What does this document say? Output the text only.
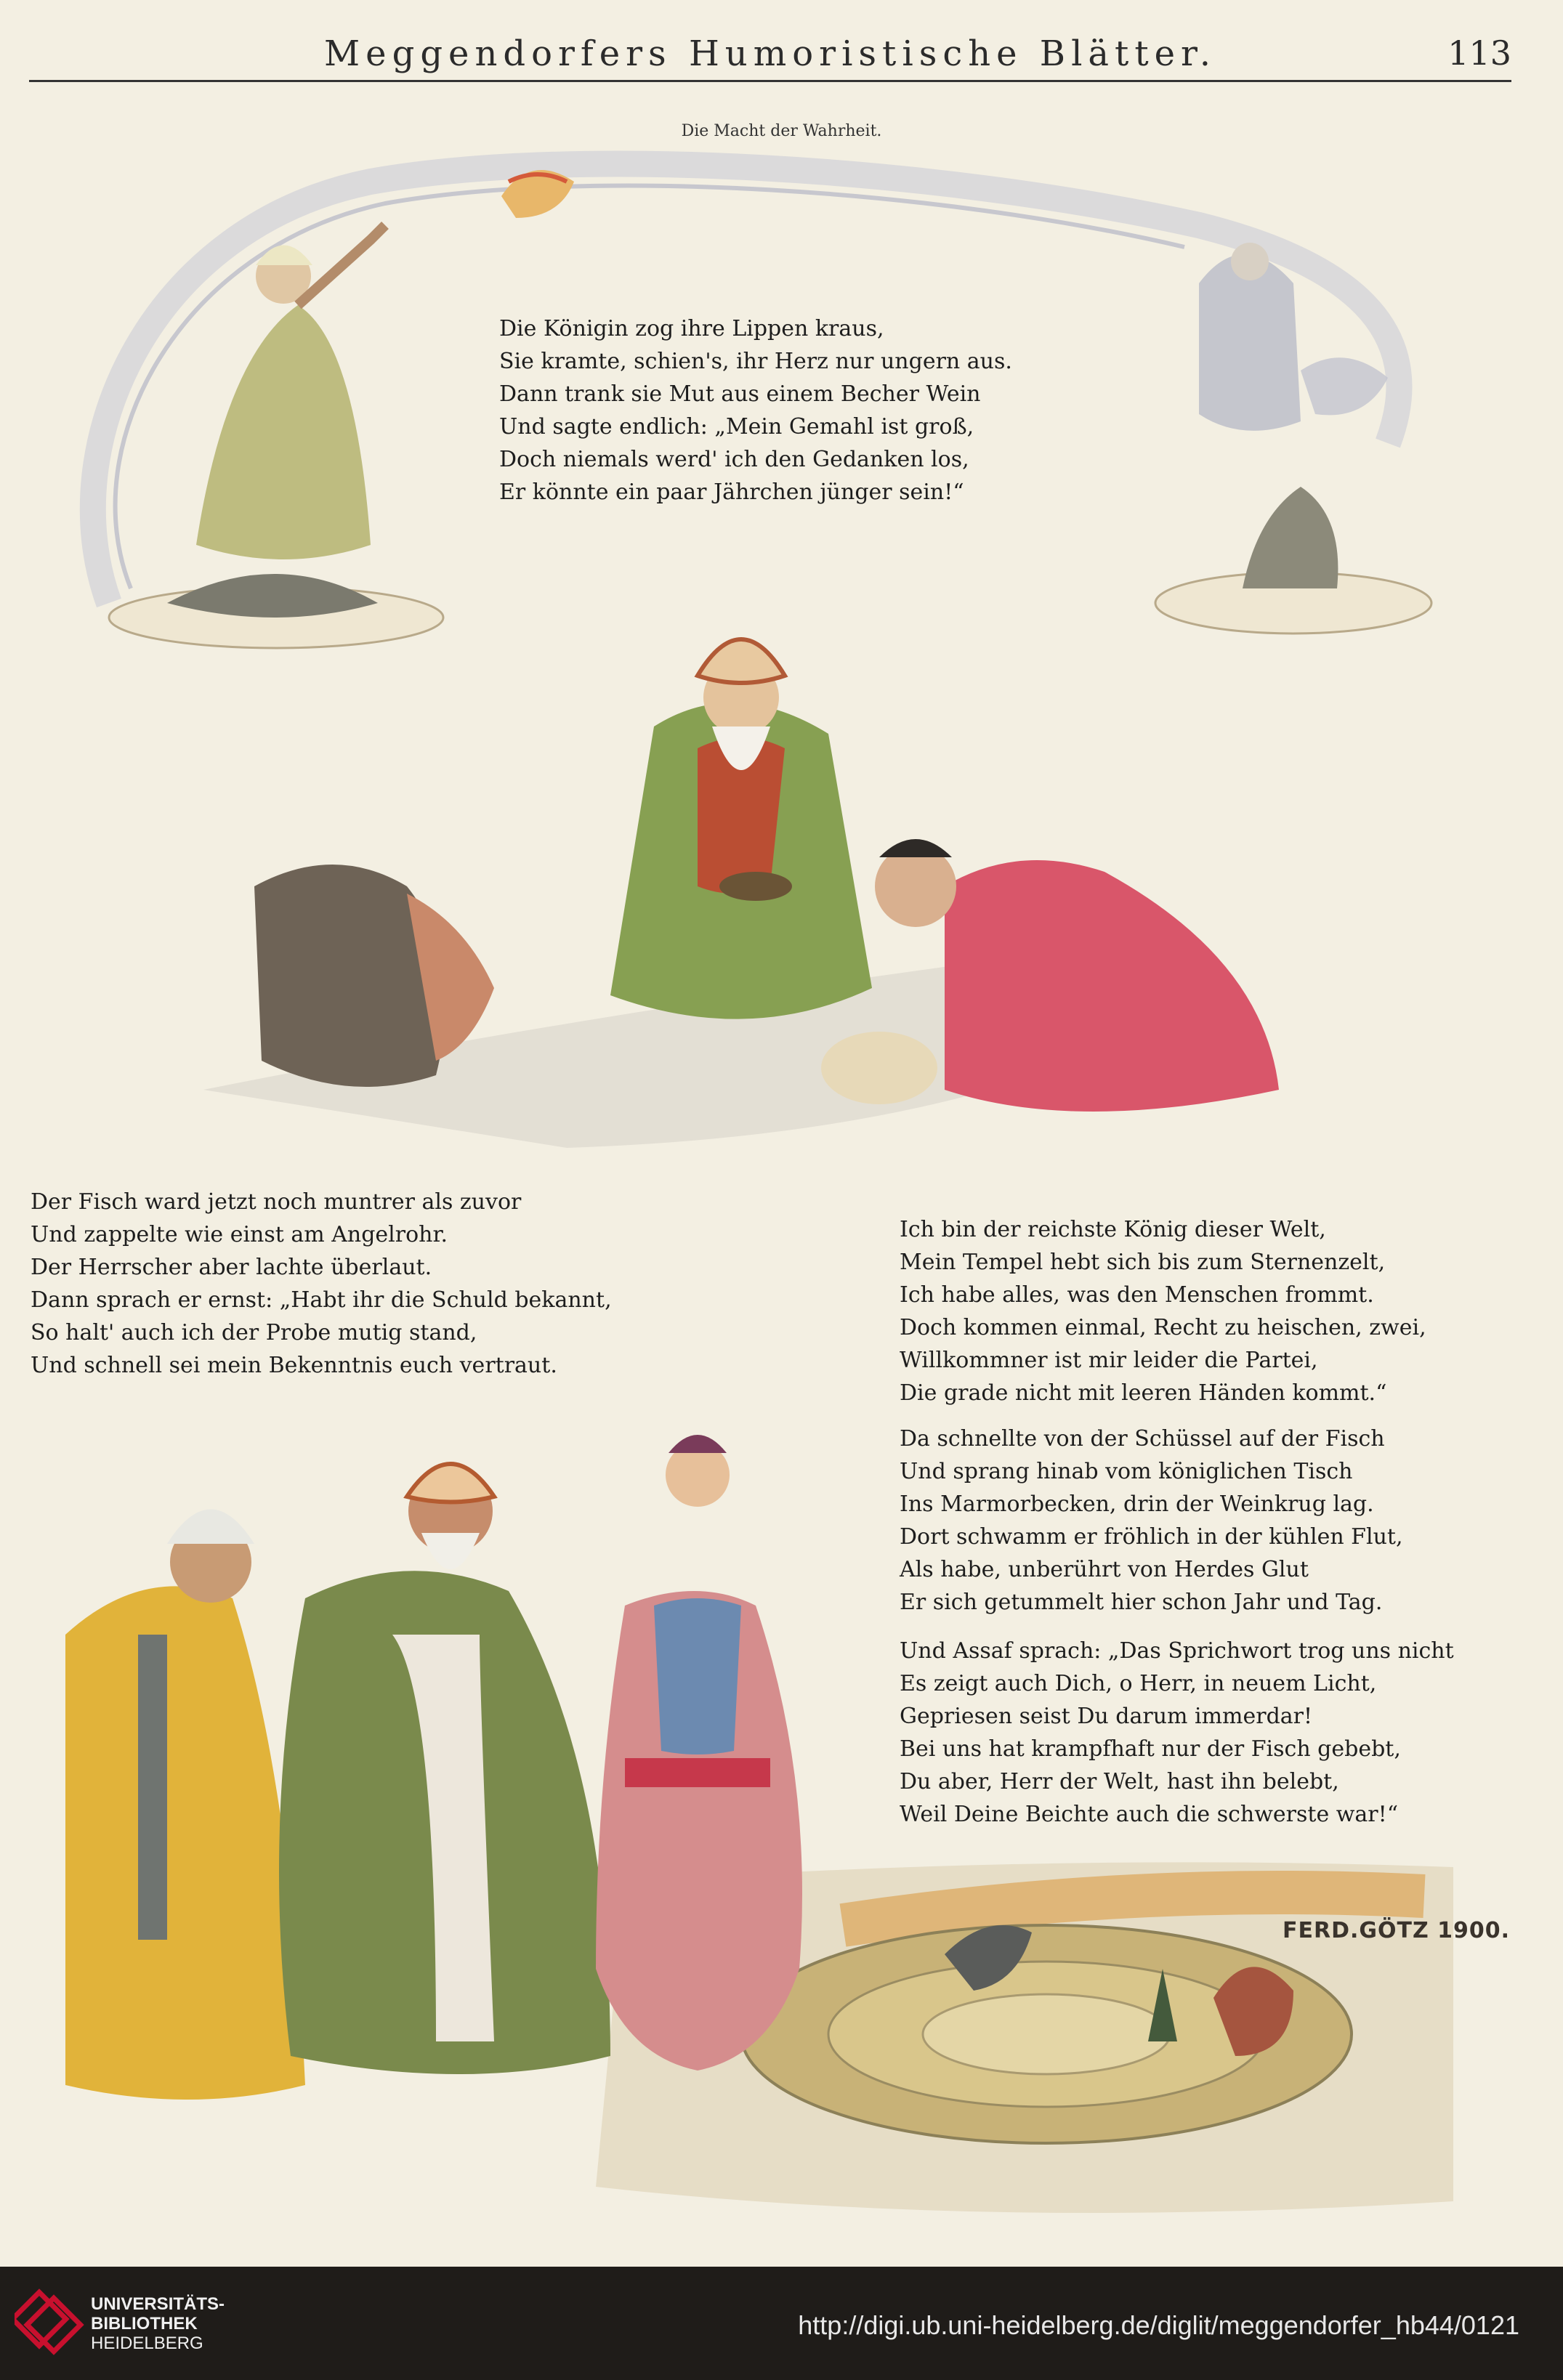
Meggendorfers Humoristische Blätter.	113
Die Macht der Wahrheit.
Die Königin zog ihre Lippen kraus,
Sie kramte, schien's, ihr Herz nur ungern aus.
Dann trank sie Mut aus einem Becher Wein
Und sagte endlich: „Mein Gemahl ist groß,
Doch niemals werd' ich den Gedanken los,
Er könnte ein paar Jährchen jünger sein!“
Der Fisch ward jetzt noch muntrer als zuvor
Und zappelte wie einst am Angelrohr.
Der Herrscher aber lachte überlaut.
Dann sprach er ernst: „Habt ihr die Schuld bekannt,
So halt' auch ich der Probe mutig stand,
Und schnell sei mein Bekenntnis euch vertraut.
Ich bin der reichste König dieser Welt,
Mein Tempel hebt sich bis zum Sternenzelt,
Ich habe alles, was den Menschen frommt.
Doch kommen einmal, Recht zu heischen, zwei,
Willkommner ist mir leider die Partei,
Die grade nicht mit leeren Händen kommt.“
Da schnellte von der Schüssel auf der Fisch
Und sprang hinab vom königlichen Tisch
Ins Marmorbecken, drin der Weinkrug lag.
Dort schwamm er fröhlich in der kühlen Flut,
Als habe, unberührt von Herdes Glut
Er sich getummelt hier schon Jahr und Tag.
Und Assaf sprach: „Das Sprichwort trog uns nicht
Es zeigt auch Dich, o Herr, in neuem Licht,
Gepriesen seist Du darum immerdar!
Bei uns hat krampfhaft nur der Fisch gebebt,
Du aber, Herr der Welt, hast ihn belebt,
Weil Deine Beichte auch die schwerste war!“
FERD.GÖTZ 1900.
UNIVERSITÄTS-
BIBLIOTHEK
HEIDELBERG
http://digi.ub.uni-heidelberg.de/diglit/meggendorfer_hb44/0121
